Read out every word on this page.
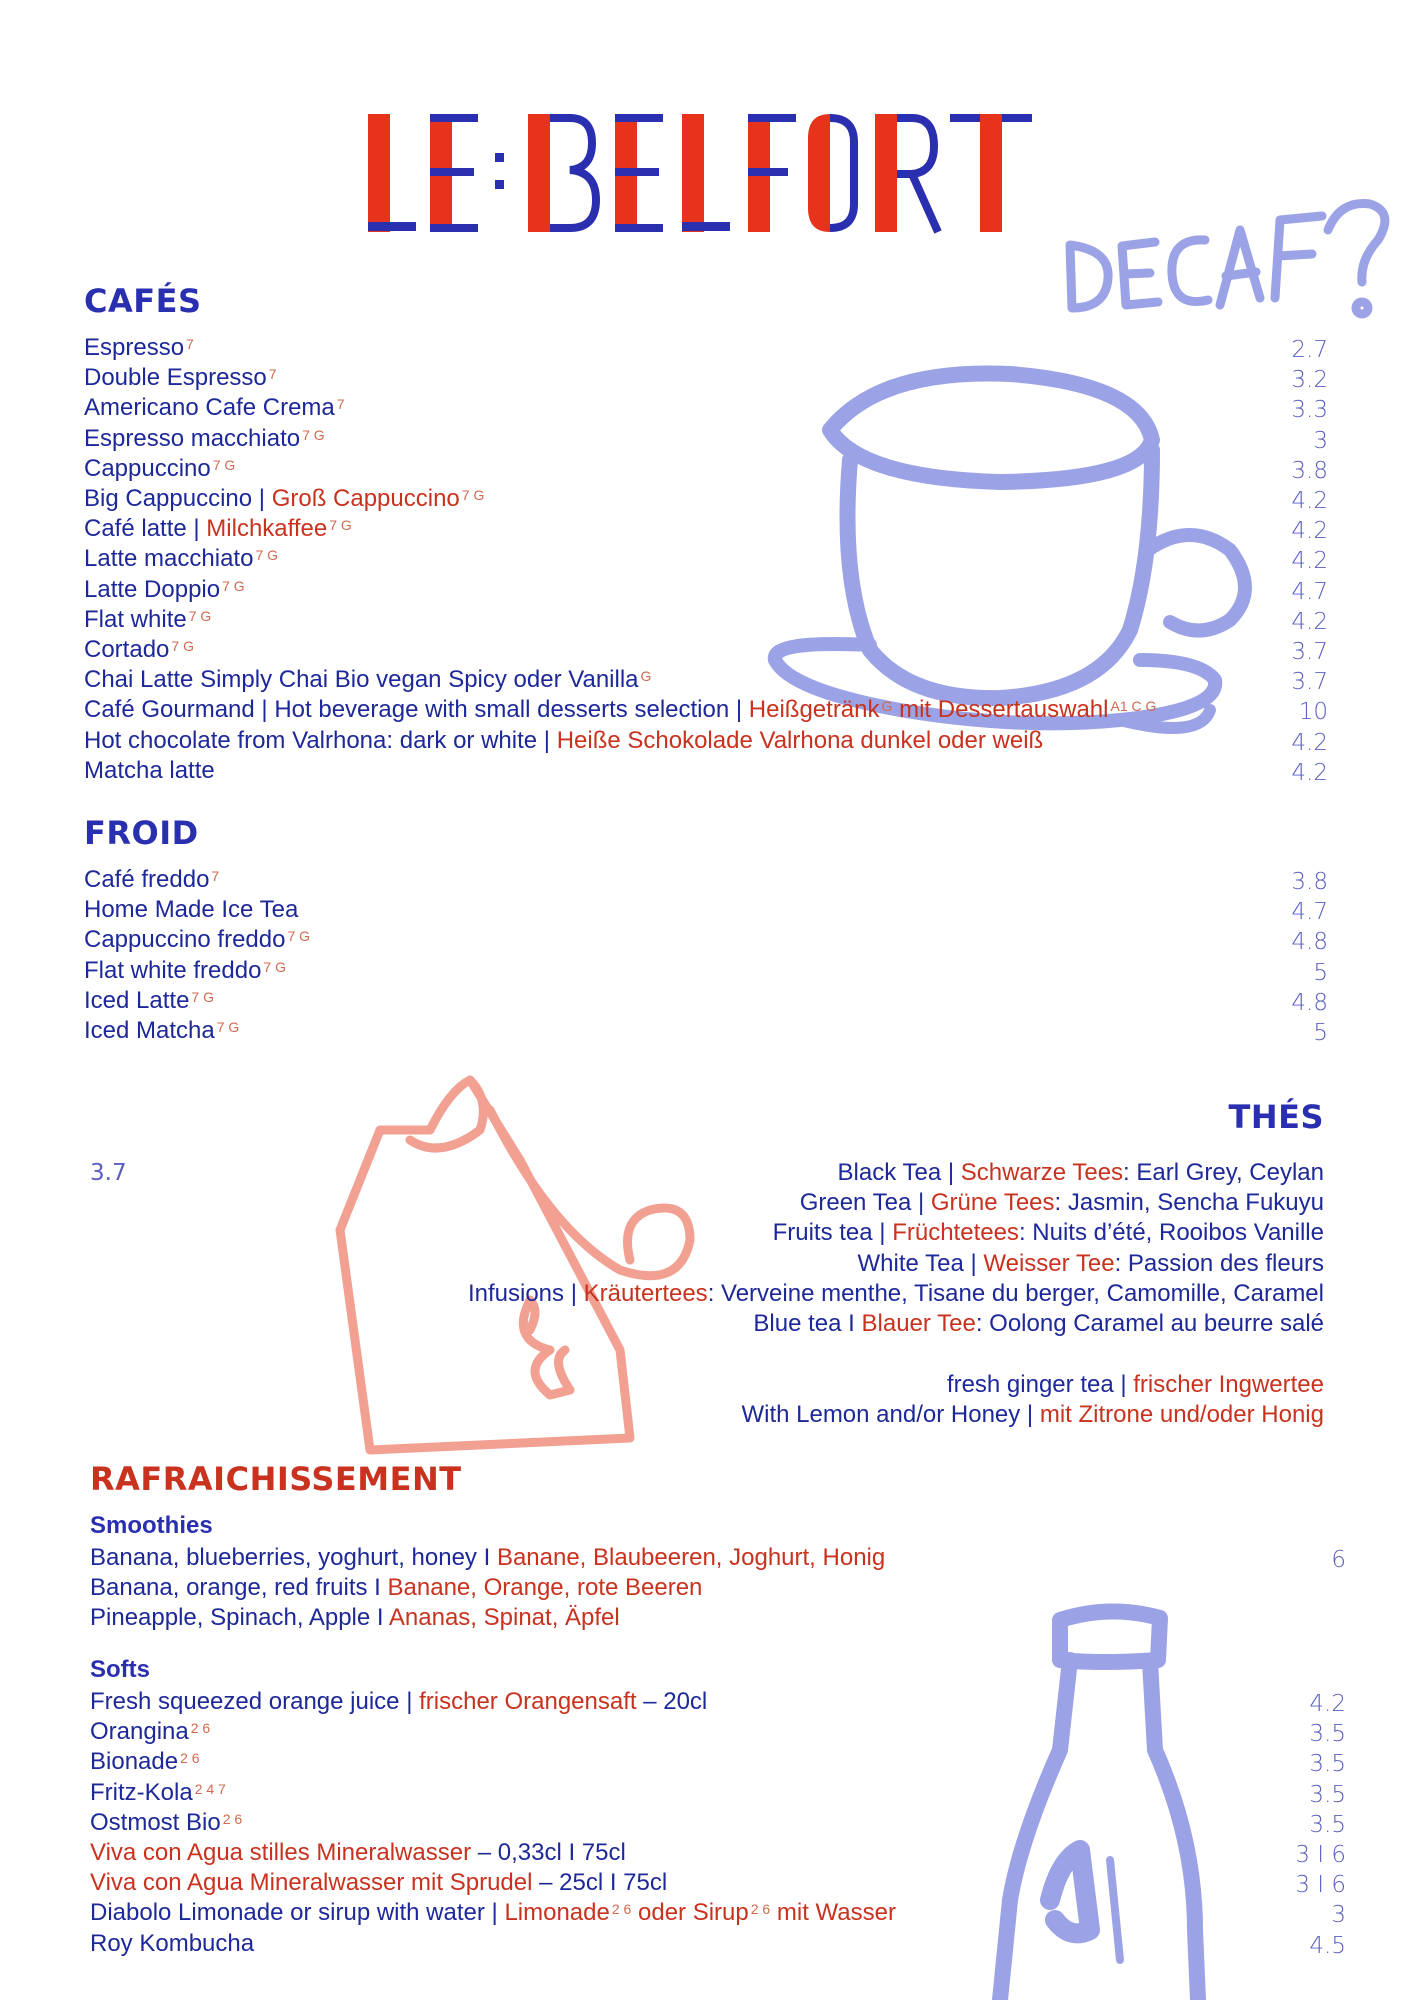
CAFÉS
Espresso $^7$	2.7
Double Espresso $^7$	3.2
Americano Cafe Crema $^7$	3.3
Espresso macchiato $^{7 G}$	3
Cappuccino $^{7 G}$	3.8
Big Cappuccino | Groß Cappuccino $^{7 G}$	4.2
Café latte | Milchkaffee $^{7 G}$	4.2
Latte macchiato $^{7 G}$	4.2
Latte Doppio $^{7 G}$	4.7
Flat white $^{7 G}$	4.2
Cortado $^{7 G}$	3.7
Chai Latte Simply Chai Bio vegan Spicy oder Vanilla $^G$	3.7
Café Gourmand | Hot beverage with small desserts selection | Heißgetränk $^G$ mit Dessertauswahl $^{A1 C G}$	10
Hot chocolate from Valrhona: dark or white | Heiße Schokolade Valrhona dunkel oder weiß	4.2
Matcha latte	4.2
FROID
Café freddo $^7$	3.8
Home Made Ice Tea	4.7
Cappuccino freddo $^{7 G}$	4.8
Flat white freddo $^{7 G}$	5
Iced Latte $^{7 G}$	4.8
Iced Matcha $^{7 G}$	5
THÉS
3.7	Black Tea | Schwarze Tees: Earl Grey, Ceylan
Green Tea | Grüne Tees: Jasmin, Sencha Fukuyu
Fruits tea | Früchtetees: Nuits d’été, Rooibos Vanille
White Tea | Weisser Tee: Passion des fleurs
Infusions | Kräutertees: Verveine menthe, Tisane du berger, Camomille, Caramel
Blue tea I Blauer Tee: Oolong Caramel au beurre salé
fresh ginger tea | frischer Ingwertee
With Lemon and/or Honey | mit Zitrone und/oder Honig
RAFRAICHISSEMENT
Smoothies
Banana, blueberries, yoghurt, honey I Banane, Blaubeeren, Joghurt, Honig	6
Banana, orange, red fruits I Banane, Orange, rote Beeren
Pineapple, Spinach, Apple I Ananas, Spinat, Äpfel
Softs
Fresh squeezed orange juice | frischer Orangensaft – 20cl	4.2
Orangina $^{2 6}$	3.5
Bionade $^{2 6}$	3.5
Fritz-Kola $^{2 4 7}$	3.5
Ostmost Bio $^{2 6}$	3.5
Viva con Agua stilles Mineralwasser – 0,33cl I 75cl	3 I 6
Viva con Agua Mineralwasser mit Sprudel – 25cl I 75cl	3 I 6
Diabolo Limonade or sirup with water | Limonade $^{2 6}$ oder Sirup $^{2 6}$ mit Wasser	3
Roy Kombucha	4.5
